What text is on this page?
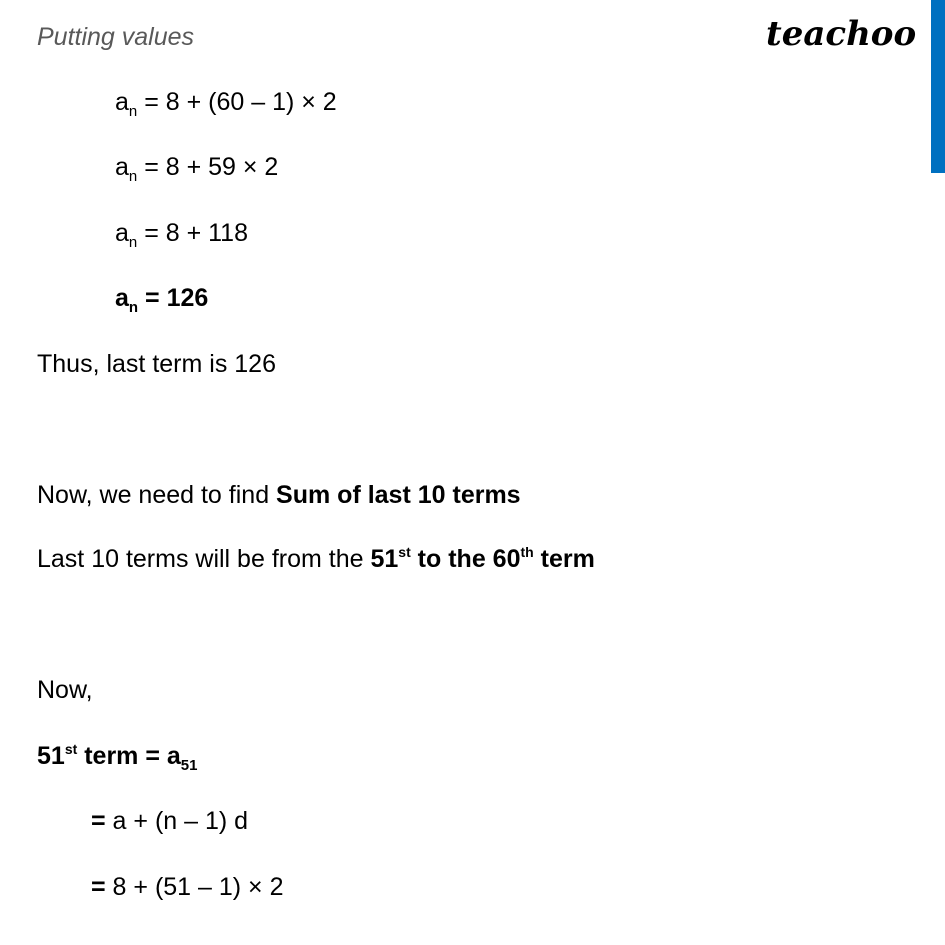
teachoo
Putting values
$a_n = 8 + (60 - 1) \times 2$
$a_n = 8 + 59 \times 2$
$a_n = 8 + 118$
$a_n = 126$
Thus, last term is 126
Now, we need to find Sum of last 10 terms
Last 10 terms will be from the 51st to the 60th term
Now,
51st term = $a_{51}$
= a + (n – 1) d
= 8 + (51 – 1) × 2
